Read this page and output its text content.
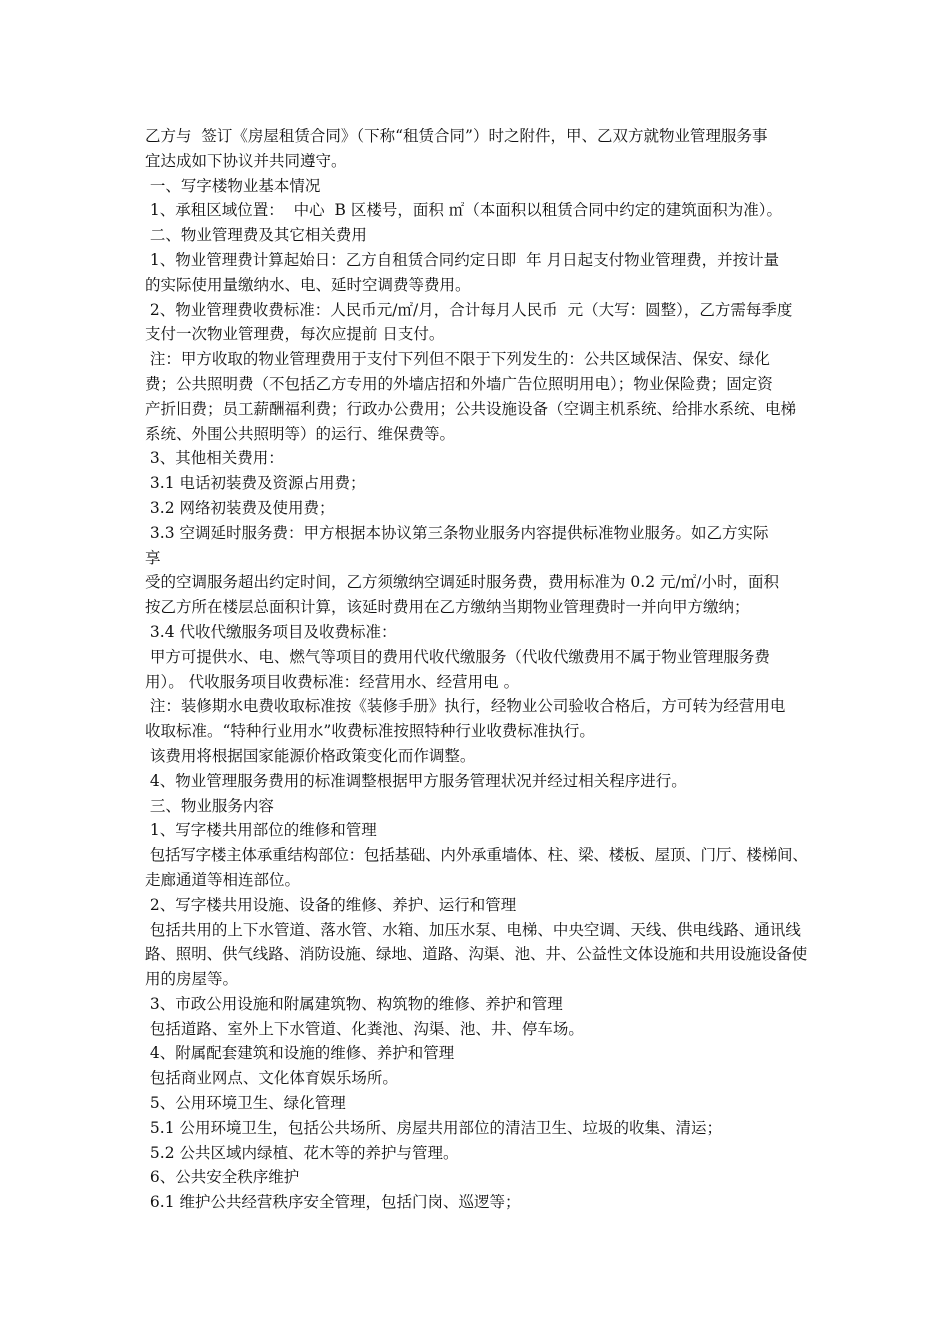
乙方与  签订《房屋租赁合同》（下称“租赁合同”）时之附件，甲、乙双方就物业管理服务事
宜达成如下协议并共同遵守。
一、写字楼物业基本情况
1、承租区域位置：  中心  B 区楼号，面积 ㎡（本面积以租赁合同中约定的建筑面积为准）。
二、物业管理费及其它相关费用
1、物业管理费计算起始日：乙方自租赁合同约定日即  年 月日起支付物业管理费，并按计量
的实际使用量缴纳水、电、延时空调费等费用。
2、物业管理费收费标准：人民币元/㎡/月，合计每月人民币  元（大写：圆整），乙方需每季度
支付一次物业管理费，每次应提前 日支付。
注：甲方收取的物业管理费用于支付下列但不限于下列发生的：公共区域保洁、保安、绿化
费；公共照明费（不包括乙方专用的外墙店招和外墙广告位照明用电）；物业保险费；固定资
产折旧费；员工薪酬福利费；行政办公费用；公共设施设备（空调主机系统、给排水系统、电梯
系统、外围公共照明等）的运行、维保费等。
3、其他相关费用：
3.1 电话初装费及资源占用费；
3.2 网络初装费及使用费；
3.3 空调延时服务费：甲方根据本协议第三条物业服务内容提供标准物业服务。如乙方实际
享
受的空调服务超出约定时间，乙方须缴纳空调延时服务费，费用标准为 0.2 元/㎡/小时，面积
按乙方所在楼层总面积计算，该延时费用在乙方缴纳当期物业管理费时一并向甲方缴纳；
3.4 代收代缴服务项目及收费标准：
甲方可提供水、电、燃气等项目的费用代收代缴服务（代收代缴费用不属于物业管理服务费
用）。 代收服务项目收费标准：经营用水、经营用电 。
注：装修期水电费收取标准按《装修手册》执行，经物业公司验收合格后，方可转为经营用电
收取标准。“特种行业用水”收费标准按照特种行业收费标准执行。
该费用将根据国家能源价格政策变化而作调整。
4、物业管理服务费用的标准调整根据甲方服务管理状况并经过相关程序进行。
三、物业服务内容
1、写字楼共用部位的维修和管理
包括写字楼主体承重结构部位：包括基础、内外承重墙体、柱、梁、楼板、屋顶、门厅、楼梯间、
走廊通道等相连部位。
2、写字楼共用设施、设备的维修、养护、运行和管理
包括共用的上下水管道、落水管、水箱、加压水泵、电梯、中央空调、天线、供电线路、通讯线
路、照明、供气线路、消防设施、绿地、道路、沟渠、池、井、公益性文体设施和共用设施设备使
用的房屋等。
3、市政公用设施和附属建筑物、构筑物的维修、养护和管理
包括道路、室外上下水管道、化粪池、沟渠、池、井、停车场。
4、附属配套建筑和设施的维修、养护和管理
包括商业网点、文化体育娱乐场所。
5、公用环境卫生、绿化管理
5.1 公用环境卫生，包括公共场所、房屋共用部位的清洁卫生、垃圾的收集、清运；
5.2 公共区域内绿植、花木等的养护与管理。
6、公共安全秩序维护
6.1 维护公共经营秩序安全管理，包括门岗、巡逻等；
